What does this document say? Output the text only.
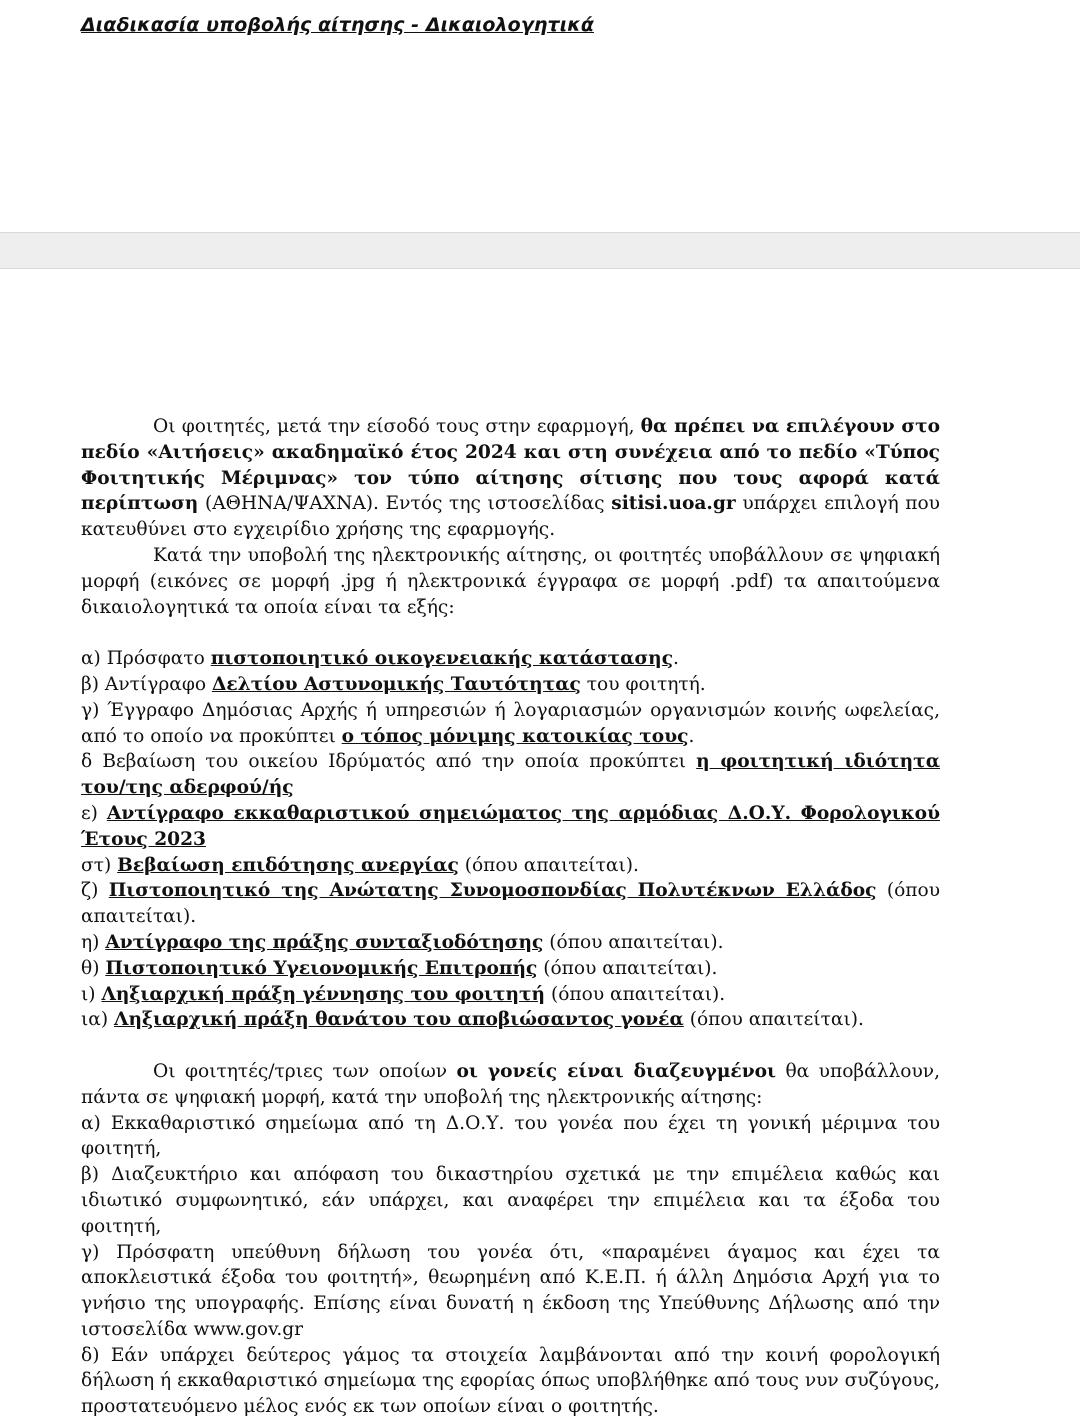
Διαδικασία υποβολής αίτησης - Δικαιολογητικά

Οι φοιτητές, μετά την είσοδό τους στην εφαρμογή, θα πρέπει να επιλέγουν στο πεδίο «Αιτήσεις» ακαδημαϊκό έτος 2024 και στη συνέχεια από το πεδίο «Τύπος Φοιτητικής Μέριμνας» τον τύπο αίτησης σίτισης που τους αφορά κατά περίπτωση (ΑΘΗΝΑ/ΨΑΧΝΑ). Εντός της ιστοσελίδας sitisi.uoa.gr υπάρχει επιλογή που κατευθύνει στο εγχειρίδιο χρήσης της εφαρμογής.

Κατά την υποβολή της ηλεκτρονικής αίτησης, οι φοιτητές υποβάλλουν σε ψηφιακή μορφή (εικόνες σε μορφή .jpg ή ηλεκτρονικά έγγραφα σε μορφή .pdf) τα απαιτούμενα δικαιολογητικά τα οποία είναι τα εξής:

α) Πρόσφατο πιστοποιητικό οικογενειακής κατάστασης.

β) Αντίγραφο Δελτίου Αστυνομικής Ταυτότητας του φοιτητή.

γ) Έγγραφο Δημόσιας Αρχής ή υπηρεσιών ή λογαριασμών οργανισμών κοινής ωφελείας, από το οποίο να προκύπτει ο τόπος μόνιμης κατοικίας τους.

δ Βεβαίωση του οικείου Ιδρύματός από την οποία προκύπτει η φοιτητική ιδιότητα του/της αδερφού/ής

ε) Αντίγραφο εκκαθαριστικού σημειώματος της αρμόδιας Δ.Ο.Υ. Φορολογικού Έτους 2023

στ) Βεβαίωση επιδότησης ανεργίας (όπου απαιτείται).

ζ) Πιστοποιητικό της Ανώτατης Συνομοσπονδίας Πολυτέκνων Ελλάδος (όπου απαιτείται).

η) Αντίγραφο της πράξης συνταξιοδότησης (όπου απαιτείται).

θ) Πιστοποιητικό Υγειονομικής Επιτροπής (όπου απαιτείται).

ι) Ληξιαρχική πράξη γέννησης του φοιτητή (όπου απαιτείται).

ια) Ληξιαρχική πράξη θανάτου του αποβιώσαντος γονέα (όπου απαιτείται).

Οι φοιτητές/τριες των οποίων οι γονείς είναι διαζευγμένοι θα υποβάλλουν, πάντα σε ψηφιακή μορφή, κατά την υποβολή της ηλεκτρονικής αίτησης:

α) Εκκαθαριστικό σημείωμα από τη Δ.Ο.Υ. του γονέα που έχει τη γονική μέριμνα του φοιτητή,

β) Διαζευκτήριο και απόφαση του δικαστηρίου σχετικά με την επιμέλεια καθώς και ιδιωτικό συμφωνητικό, εάν υπάρχει, και αναφέρει την επιμέλεια και τα έξοδα του φοιτητή,

γ) Πρόσφατη υπεύθυνη δήλωση του γονέα ότι, «παραμένει άγαμος και έχει τα αποκλειστικά έξοδα του φοιτητή», θεωρημένη από Κ.Ε.Π. ή άλλη Δημόσια Αρχή για το γνήσιο της υπογραφής. Επίσης είναι δυνατή η έκδοση της Υπεύθυνης Δήλωσης από την ιστοσελίδα www.gov.gr

δ) Εάν υπάρχει δεύτερος γάμος τα στοιχεία λαμβάνονται από την κοινή φορολογική δήλωση ή εκκαθαριστικό σημείωμα της εφορίας όπως υποβλήθηκε από τους νυν συζύγους, προστατευόμενο μέλος ενός εκ των οποίων είναι ο φοιτητής.
